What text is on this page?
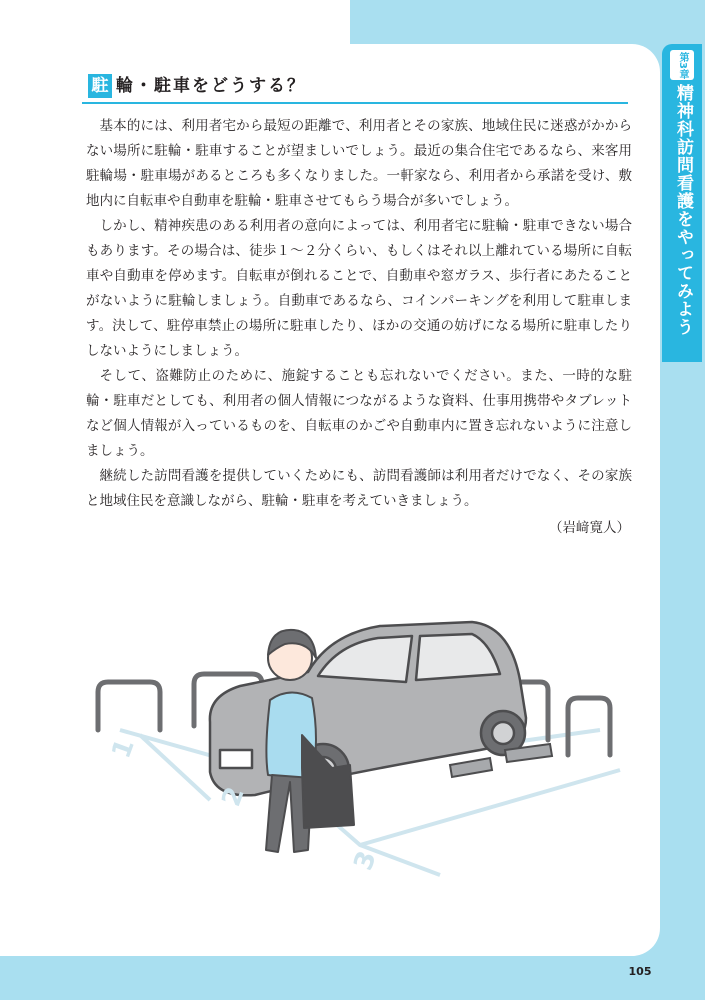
駐 輪・駐車をどうする？

基本的には、利用者宅から最短の距離で、利用者とその家族、地域住民に迷惑がかからない場所に駐輪・駐車することが望ましいでしょう。最近の集合住宅であるなら、来客用駐輪場・駐車場があるところも多くなりました。一軒家なら、利用者から承諾を受け、敷地内に自転車や自動車を駐輪・駐車させてもらう場合が多いでしょう。

しかし、精神疾患のある利用者の意向によっては、利用者宅に駐輪・駐車できない場合もあります。その場合は、徒歩１～２分くらい、もしくはそれ以上離れている場所に自転車や自動車を停めます。自転車が倒れることで、自動車や窓ガラス、歩行者にあたることがないように駐輪しましょう。自動車であるなら、コインパーキングを利用して駐車します。決して、駐停車禁止の場所に駐車したり、ほかの交通の妨げになる場所に駐車したりしないようにしましょう。

そして、盗難防止のために、施錠することも忘れないでください。また、一時的な駐輪・駐車だとしても、利用者の個人情報につながるような資料、仕事用携帯やタブレットなど個人情報が入っているものを、自転車のかごや自動車内に置き忘れないように注意しましょう。

継続した訪問看護を提供していくためにも、訪問看護師は利用者だけでなく、その家族と地域住民を意識しながら、駐輪・駐車を考えていきましょう。

（岩﨑寛人）

第3章
精神科訪問看護をやってみよう
1
2
3
105
